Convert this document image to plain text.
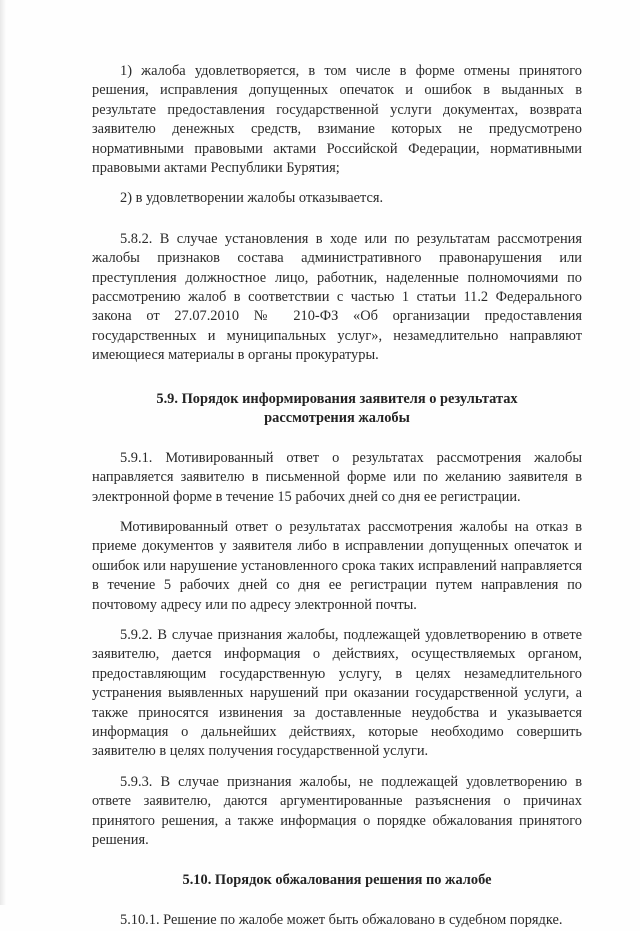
1) жалоба удовлетворяется, в том числе в форме отмены принятого решения, исправления допущенных опечаток и ошибок в выданных в результате предоставления государственной услуги документах, возврата заявителю денежных средств, взимание которых не предусмотрено нормативными правовыми актами Российской Федерации, нормативными правовыми актами Республики Бурятия;

2) в удовлетворении жалобы отказывается.

5.8.2. В случае установления в ходе или по результатам рассмотрения жалобы признаков состава административного правонарушения или преступления должностное лицо, работник, наделенные полномочиями по рассмотрению жалоб в соответствии с частью 1 статьи 11.2 Федерального закона от 27.07.2010 № 210-ФЗ «Об организации предоставления государственных и муниципальных услуг», незамедлительно направляют имеющиеся материалы в органы прокуратуры.

5.9. Порядок информирования заявителя о результатах
рассмотрения жалобы

5.9.1. Мотивированный ответ о результатах рассмотрения жалобы направляется заявителю в письменной форме или по желанию заявителя в электронной форме в течение 15 рабочих дней со дня ее регистрации.

Мотивированный ответ о результатах рассмотрения жалобы на отказ в приеме документов у заявителя либо в исправлении допущенных опечаток и ошибок или нарушение установленного срока таких исправлений направляется в течение 5 рабочих дней со дня ее регистрации путем направления по почтовому адресу или по адресу электронной почты.

5.9.2. В случае признания жалобы, подлежащей удовлетворению в ответе заявителю, дается информация о действиях, осуществляемых органом, предоставляющим государственную услугу, в целях незамедлительного устранения выявленных нарушений при оказании государственной услуги, а также приносятся извинения за доставленные неудобства и указывается информация о дальнейших действиях, которые необходимо совершить заявителю в целях получения государственной услуги.

5.9.3. В случае признания жалобы, не подлежащей удовлетворению в ответе заявителю, даются аргументированные разъяснения о причинах принятого решения, а также информация о порядке обжалования принятого решения.

5.10. Порядок обжалования решения по жалобе

5.10.1. Решение по жалобе может быть обжаловано в судебном порядке.
